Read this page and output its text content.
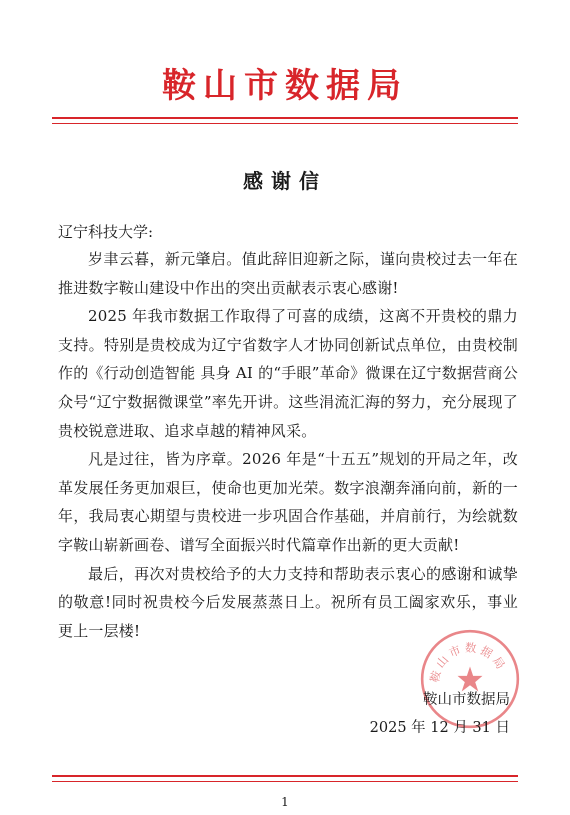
鞍山市数据局
感谢信
辽宁科技大学:

岁聿云暮，新元肇启。值此辞旧迎新之际，谨向贵校过去一年在推进数字鞍山建设中作出的突出贡献表示衷心感谢!

2025 年我市数据工作取得了可喜的成绩，这离不开贵校的鼎力支持。特别是贵校成为辽宁省数字人才协同创新试点单位，由贵校制作的《行动创造智能 具身 AI 的“手眼”革命》微课在辽宁数据营商公众号“辽宁数据微课堂”率先开讲。这些涓流汇海的努力，充分展现了贵校锐意进取、追求卓越的精神风采。

凡是过往，皆为序章。2026 年是“十五五”规划的开局之年，改革发展任务更加艰巨，使命也更加光荣。数字浪潮奔涌向前，新的一年，我局衷心期望与贵校进一步巩固合作基础，并肩前行，为绘就数字鞍山崭新画卷、谱写全面振兴时代篇章作出新的更大贡献!

最后，再次对贵校给予的大力支持和帮助表示衷心的感谢和诚挚的敬意!同时祝贵校今后发展蒸蒸日上。祝所有员工阖家欢乐，事业更上一层楼!

鞍山市数据局
鞍山市数据局
2025 年 12 月 31 日
1
